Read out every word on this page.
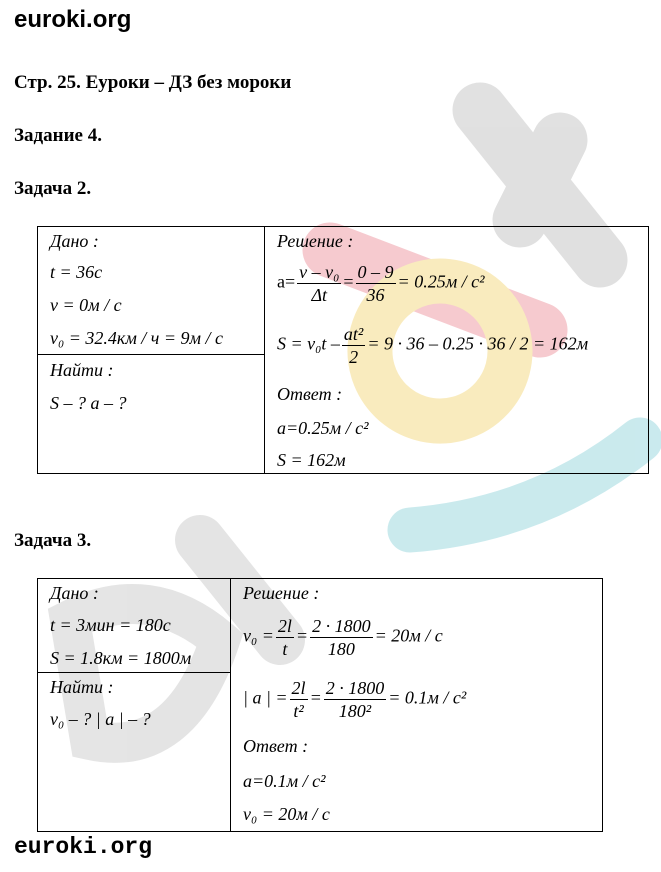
euroki.org
Стр. 25. Еуроки – ДЗ без мороки
Задание 4.
Задача 2.
Дано :
t = 36c
v = 0м / c
v₀ = 32.4км / ч = 9м / c
Найти :
S – ? a – ?
Решение :
$a= \frac{\text{v – v₀}}{\Delta t} = \frac{0 - 9}{36} = 0.25м / c^2$
$S = v_0t - \frac{\text{at²}}{2} = 9 \cdot 36 - 0.25 \cdot 36 / 2 = 162м$
Ответ :
a=0.25м / c²
S = 162м
Задача 3.
Дано :
t = 3мин = 180c
S = 1.8км = 1800м
Найти :
v₀ – ? | a | – ?
Решение :
$v_0 = \frac{2l}{t} = \frac{2 \cdot 1800}{180} = 20м / c$
| a | = $\frac{2l}{\text{t²}} = \frac{2 \cdot 1800}{\text{180²}} = 0.1м / c^2$
Ответ :
a=0.1м / c²
v₀ = 20м / c
euroki.org
